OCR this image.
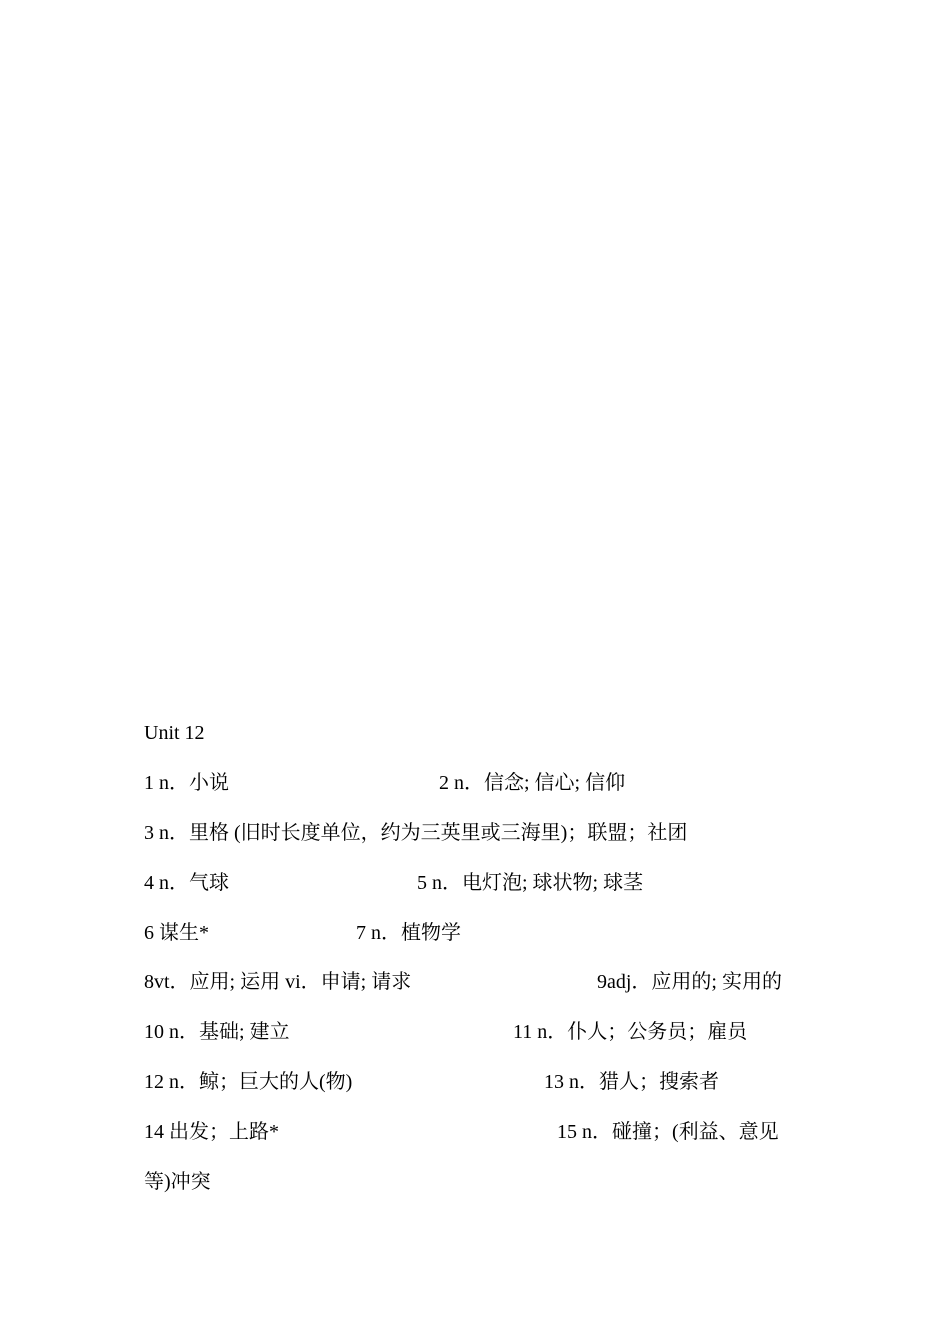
Unit 12
1 n．小说	2 n．信念; 信心; 信仰
3 n．里格 (旧时长度单位，约为三英里或三海里)；联盟；社团
4 n．气球	5 n．电灯泡; 球状物; 球茎
6 谋生*	7 n．植物学
8vt．应用; 运用 vi．申请; 请求	9adj．应用的; 实用的
10 n．基础; 建立	11 n．仆人；公务员；雇员
12 n．鲸；巨大的人(物)	13 n．猎人；搜索者
14 出发；上路*	15 n．碰撞；(利益、意见
等)冲突
